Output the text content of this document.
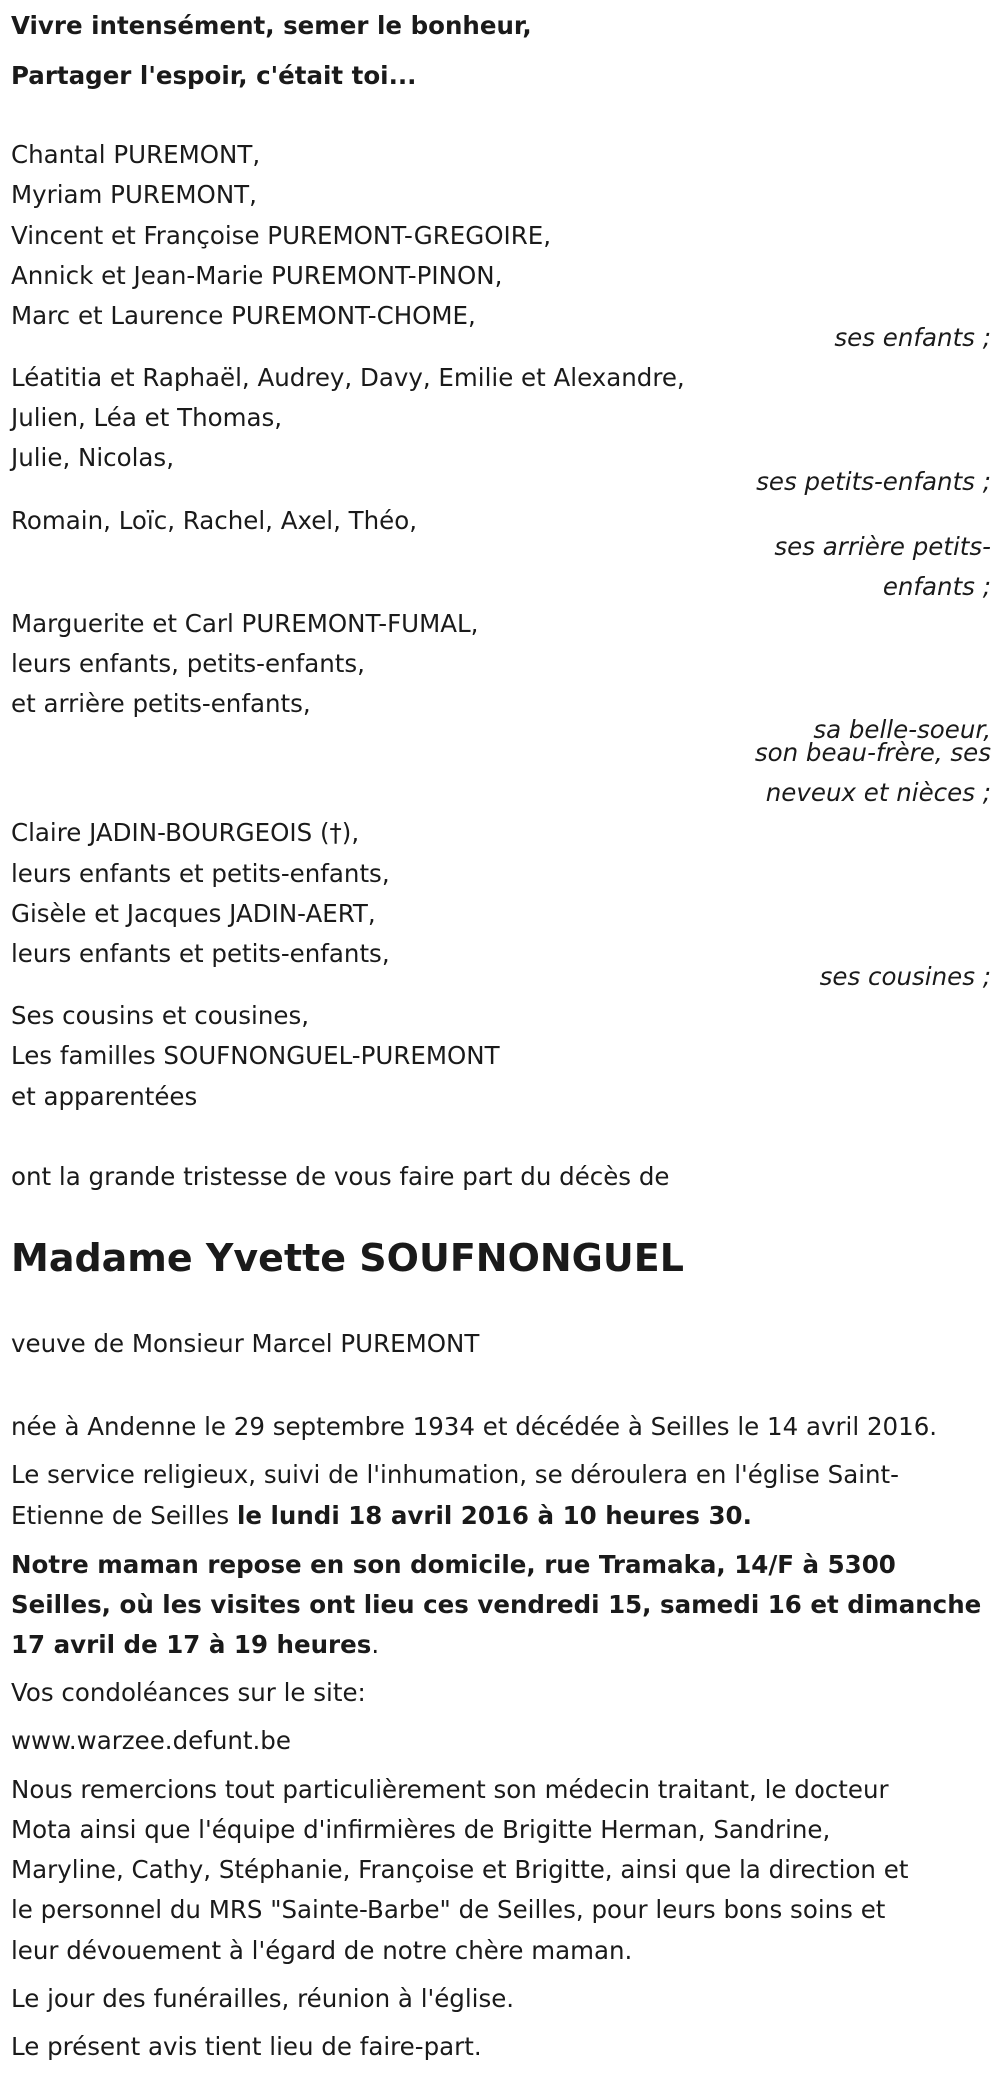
Vivre intensément, semer le bonheur,
Partager l'espoir, c'était toi...
Chantal PUREMONT,
Myriam PUREMONT,
Vincent et Françoise PUREMONT-GREGOIRE,
Annick et Jean-Marie PUREMONT-PINON,
Marc et Laurence PUREMONT-CHOME,
ses enfants ;
Léatitia et Raphaël, Audrey, Davy, Emilie et Alexandre,
Julien, Léa et Thomas,
Julie, Nicolas,
ses petits-enfants ;
Romain, Loïc, Rachel, Axel, Théo,
ses arrière petits-
enfants ;
Marguerite et Carl PUREMONT-FUMAL,
leurs enfants, petits-enfants,
et arrière petits-enfants,
sa belle-soeur,
son beau-frère, ses
neveux et nièces ;
Claire JADIN-BOURGEOIS (†),
leurs enfants et petits-enfants,
Gisèle et Jacques JADIN-AERT,
leurs enfants et petits-enfants,
ses cousines ;
Ses cousins et cousines,
Les familles SOUFNONGUEL-PUREMONT
et apparentées
ont la grande tristesse de vous faire part du décès de
Madame Yvette SOUFNONGUEL
veuve de Monsieur Marcel PUREMONT
née à Andenne le 29 septembre 1934 et décédée à Seilles le 14 avril 2016.
Le service religieux, suivi de l'inhumation, se déroulera en l'église Saint-
Etienne de Seilles le lundi 18 avril 2016 à 10 heures 30.
Notre maman repose en son domicile, rue Tramaka, 14/F à 5300
Seilles, où les visites ont lieu ces vendredi 15, samedi 16 et dimanche
17 avril de 17 à 19 heures.
Vos condoléances sur le site:
www.warzee.defunt.be
Nous remercions tout particulièrement son médecin traitant, le docteur
Mota ainsi que l'équipe d'infirmières de Brigitte Herman, Sandrine,
Maryline, Cathy, Stéphanie, Françoise et Brigitte, ainsi que la direction et
le personnel du MRS "Sainte-Barbe" de Seilles, pour leurs bons soins et
leur dévouement à l'égard de notre chère maman.
Le jour des funérailles, réunion à l'église.
Le présent avis tient lieu de faire-part.
